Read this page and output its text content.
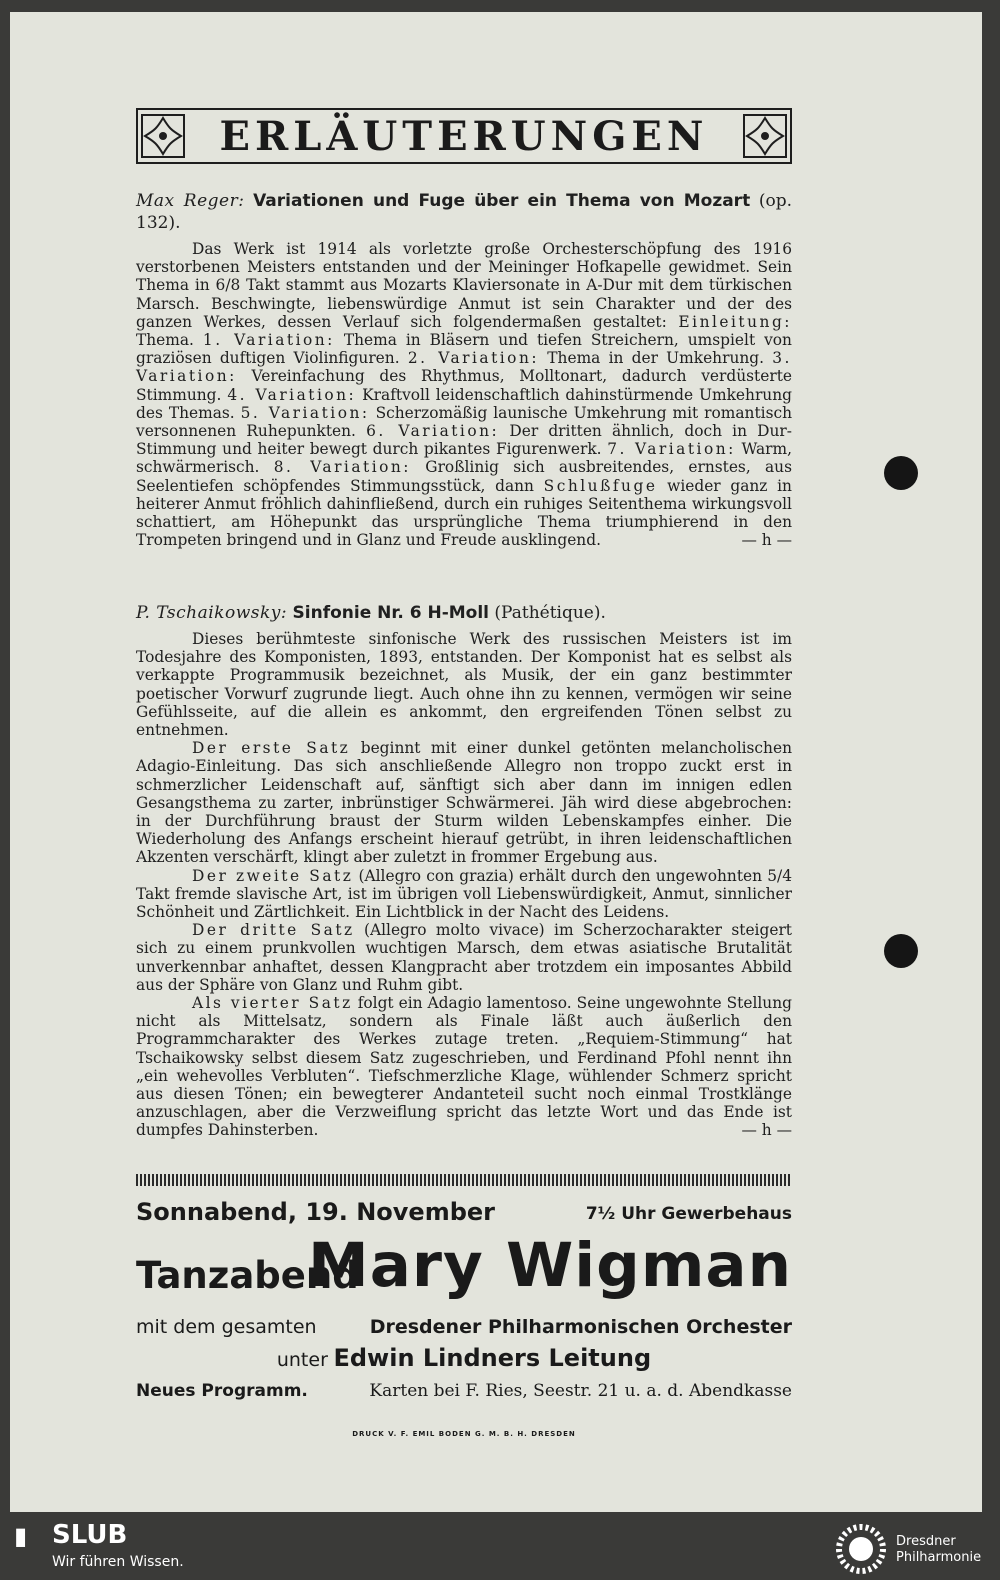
ERLÄUTERUNGEN
Max Reger: Variationen und Fuge über ein Thema von Mozart (op. 132).

Das Werk ist 1914 als vorletzte große Orchesterschöpfung des 1916 verstorbenen Meisters entstanden und der Meininger Hofkapelle gewidmet. Sein Thema in 6/8 Takt stammt aus Mozarts Klaviersonate in A-Dur mit dem türkischen Marsch. Beschwingte, liebenswürdige Anmut ist sein Charakter und der des ganzen Werkes, dessen Verlauf sich folgendermaßen gestaltet: Einleitung: Thema. 1. Variation: Thema in Bläsern und tiefen Streichern, umspielt von graziösen duftigen Violinfiguren. 2. Variation: Thema in der Umkehrung. 3. Variation: Vereinfachung des Rhythmus, Molltonart, dadurch verdüsterte Stimmung. 4. Variation: Kraftvoll leidenschaftlich dahinstürmende Umkehrung des Themas. 5. Variation: Scherzomäßig launische Umkehrung mit romantisch versonnenen Ruhepunkten. 6. Variation: Der dritten ähnlich, doch in Dur-Stimmung und heiter bewegt durch pikantes Figurenwerk. 7. Variation: Warm, schwärmerisch. 8. Variation: Großlinig sich ausbreitendes, ernstes, aus Seelentiefen schöpfendes Stimmungsstück, dann Schlußfuge wieder ganz in heiterer Anmut fröhlich dahinfließend, durch ein ruhiges Seitenthema wirkungsvoll schattiert, am Höhepunkt das ursprüngliche Thema triumphierend in den Trompeten bringend und in Glanz und Freude ausklingend.	— h —

P. Tschaikowsky: Sinfonie Nr. 6 H-Moll (Pathétique).

Dieses berühmteste sinfonische Werk des russischen Meisters ist im Todesjahre des Komponisten, 1893, entstanden. Der Komponist hat es selbst als verkappte Programmusik bezeichnet, als Musik, der ein ganz bestimmter poetischer Vorwurf zugrunde liegt. Auch ohne ihn zu kennen, vermögen wir seine Gefühlsseite, auf die allein es ankommt, den ergreifenden Tönen selbst zu entnehmen.

Der erste Satz beginnt mit einer dunkel getönten melancholischen Adagio-Einleitung. Das sich anschließende Allegro non troppo zuckt erst in schmerzlicher Leidenschaft auf, sänftigt sich aber dann im innigen edlen Gesangsthema zu zarter, inbrünstiger Schwärmerei. Jäh wird diese abgebrochen: in der Durchführung braust der Sturm wilden Lebenskampfes einher. Die Wiederholung des Anfangs erscheint hierauf getrübt, in ihren leidenschaftlichen Akzenten verschärft, klingt aber zuletzt in frommer Ergebung aus.

Der zweite Satz (Allegro con grazia) erhält durch den ungewohnten 5/4 Takt fremde slavische Art, ist im übrigen voll Liebenswürdigkeit, Anmut, sinnlicher Schönheit und Zärtlichkeit. Ein Lichtblick in der Nacht des Leidens.

Der dritte Satz (Allegro molto vivace) im Scherzocharakter steigert sich zu einem prunkvollen wuchtigen Marsch, dem etwas asiatische Brutalität unverkennbar anhaftet, dessen Klangpracht aber trotzdem ein imposantes Abbild aus der Sphäre von Glanz und Ruhm gibt.

Als vierter Satz folgt ein Adagio lamentoso. Seine ungewohnte Stellung nicht als Mittelsatz, sondern als Finale läßt auch äußerlich den Programmcharakter des Werkes zutage treten. „Requiem-Stimmung“ hat Tschaikowsky selbst diesem Satz zugeschrieben, und Ferdinand Pfohl nennt ihn „ein wehevolles Verbluten“. Tiefschmerzliche Klage, wühlender Schmerz spricht aus diesen Tönen; ein bewegterer Andanteteil sucht noch einmal Trostklänge anzuschlagen, aber die Verzweiflung spricht das letzte Wort und das Ende ist dumpfes Dahinsterben.	— h —

Sonnabend, 19. November	7½ Uhr Gewerbehaus
Tanzabend
Mary Wigman
mit dem gesamten	Dresdener Philharmonischen Orchester
unter Edwin Lindners Leitung
Neues Programm.	Karten bei F. Ries, Seestr. 21 u. a. d. Abendkasse
DRUCK V. F. EMIL BODEN G. M. B. H. DRESDEN
▮ SLUB
Wir führen Wissen.
Dresdner
Philharmonie
